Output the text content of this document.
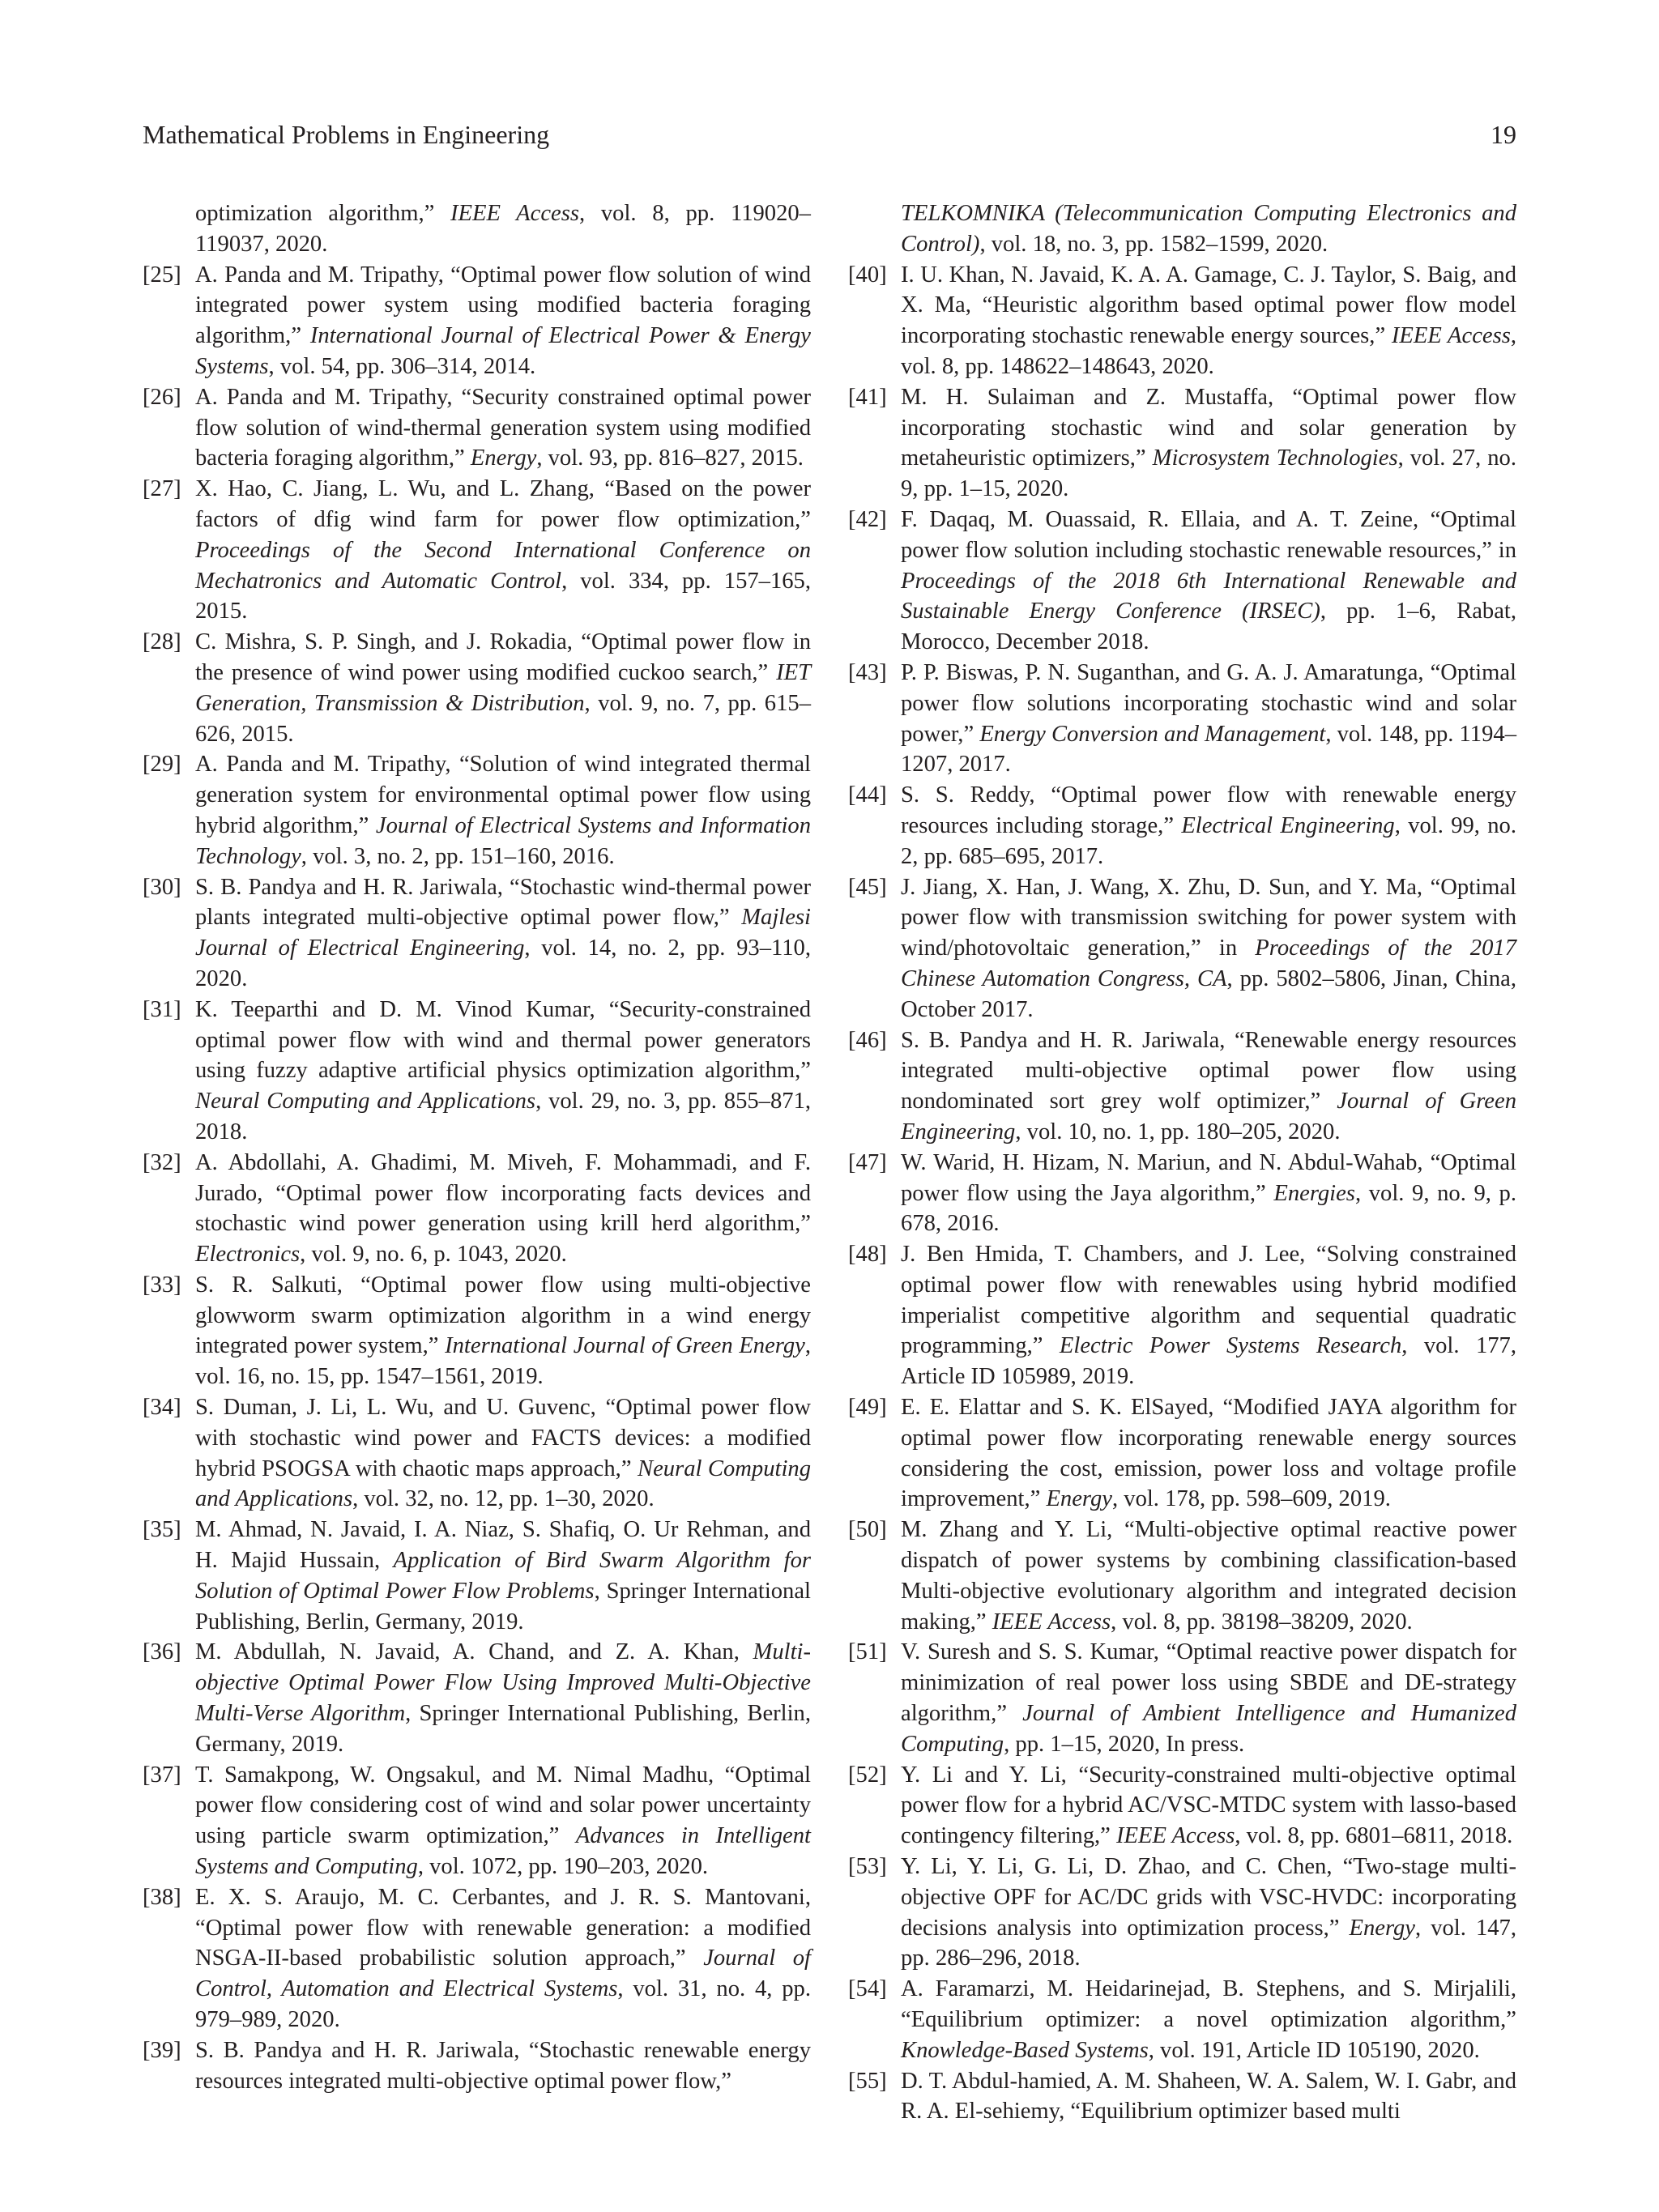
Mathematical Problems in Engineering	19

optimization algorithm,” IEEE Access, vol. 8, pp. 119020–119037, 2020.

[25] A. Panda and M. Tripathy, “Optimal power flow solution of wind integrated power system using modified bacteria foraging algorithm,” International Journal of Electrical Power & Energy Systems, vol. 54, pp. 306–314, 2014.

[26] A. Panda and M. Tripathy, “Security constrained optimal power flow solution of wind-thermal generation system using modified bacteria foraging algorithm,” Energy, vol. 93, pp. 816–827, 2015.

[27] X. Hao, C. Jiang, L. Wu, and L. Zhang, “Based on the power factors of dfig wind farm for power flow optimization,” Proceedings of the Second International Conference on Mechatronics and Automatic Control, vol. 334, pp. 157–165, 2015.

[28] C. Mishra, S. P. Singh, and J. Rokadia, “Optimal power flow in the presence of wind power using modified cuckoo search,” IET Generation, Transmission & Distribution, vol. 9, no. 7, pp. 615–626, 2015.

[29] A. Panda and M. Tripathy, “Solution of wind integrated thermal generation system for environmental optimal power flow using hybrid algorithm,” Journal of Electrical Systems and Information Technology, vol. 3, no. 2, pp. 151–160, 2016.

[30] S. B. Pandya and H. R. Jariwala, “Stochastic wind-thermal power plants integrated multi-objective optimal power flow,” Majlesi Journal of Electrical Engineering, vol. 14, no. 2, pp. 93–110, 2020.

[31] K. Teeparthi and D. M. Vinod Kumar, “Security-constrained optimal power flow with wind and thermal power generators using fuzzy adaptive artificial physics optimization algorithm,” Neural Computing and Applications, vol. 29, no. 3, pp. 855–871, 2018.

[32] A. Abdollahi, A. Ghadimi, M. Miveh, F. Mohammadi, and F. Jurado, “Optimal power flow incorporating facts devices and stochastic wind power generation using krill herd algorithm,” Electronics, vol. 9, no. 6, p. 1043, 2020.

[33] S. R. Salkuti, “Optimal power flow using multi-objective glowworm swarm optimization algorithm in a wind energy integrated power system,” International Journal of Green Energy, vol. 16, no. 15, pp. 1547–1561, 2019.

[34] S. Duman, J. Li, L. Wu, and U. Guvenc, “Optimal power flow with stochastic wind power and FACTS devices: a modified hybrid PSOGSA with chaotic maps approach,” Neural Computing and Applications, vol. 32, no. 12, pp. 1–30, 2020.

[35] M. Ahmad, N. Javaid, I. A. Niaz, S. Shafiq, O. Ur Rehman, and H. Majid Hussain, Application of Bird Swarm Algorithm for Solution of Optimal Power Flow Problems, Springer International Publishing, Berlin, Germany, 2019.

[36] M. Abdullah, N. Javaid, A. Chand, and Z. A. Khan, Multi-objective Optimal Power Flow Using Improved Multi-Objective Multi-Verse Algorithm, Springer International Publishing, Berlin, Germany, 2019.

[37] T. Samakpong, W. Ongsakul, and M. Nimal Madhu, “Optimal power flow considering cost of wind and solar power uncertainty using particle swarm optimization,” Advances in Intelligent Systems and Computing, vol. 1072, pp. 190–203, 2020.

[38] E. X. S. Araujo, M. C. Cerbantes, and J. R. S. Mantovani, “Optimal power flow with renewable generation: a modified NSGA-II-based probabilistic solution approach,” Journal of Control, Automation and Electrical Systems, vol. 31, no. 4, pp. 979–989, 2020.

[39] S. B. Pandya and H. R. Jariwala, “Stochastic renewable energy resources integrated multi-objective optimal power flow,”

TELKOMNIKA (Telecommunication Computing Electronics and Control), vol. 18, no. 3, pp. 1582–1599, 2020.

[40] I. U. Khan, N. Javaid, K. A. A. Gamage, C. J. Taylor, S. Baig, and X. Ma, “Heuristic algorithm based optimal power flow model incorporating stochastic renewable energy sources,” IEEE Access, vol. 8, pp. 148622–148643, 2020.

[41] M. H. Sulaiman and Z. Mustaffa, “Optimal power flow incorporating stochastic wind and solar generation by metaheuristic optimizers,” Microsystem Technologies, vol. 27, no. 9, pp. 1–15, 2020.

[42] F. Daqaq, M. Ouassaid, R. Ellaia, and A. T. Zeine, “Optimal power flow solution including stochastic renewable resources,” in Proceedings of the 2018 6th International Renewable and Sustainable Energy Conference (IRSEC), pp. 1–6, Rabat, Morocco, December 2018.

[43] P. P. Biswas, P. N. Suganthan, and G. A. J. Amaratunga, “Optimal power flow solutions incorporating stochastic wind and solar power,” Energy Conversion and Management, vol. 148, pp. 1194–1207, 2017.

[44] S. S. Reddy, “Optimal power flow with renewable energy resources including storage,” Electrical Engineering, vol. 99, no. 2, pp. 685–695, 2017.

[45] J. Jiang, X. Han, J. Wang, X. Zhu, D. Sun, and Y. Ma, “Optimal power flow with transmission switching for power system with wind/photovoltaic generation,” in Proceedings of the 2017 Chinese Automation Congress, CA, pp. 5802–5806, Jinan, China, October 2017.

[46] S. B. Pandya and H. R. Jariwala, “Renewable energy resources integrated multi-objective optimal power flow using nondominated sort grey wolf optimizer,” Journal of Green Engineering, vol. 10, no. 1, pp. 180–205, 2020.

[47] W. Warid, H. Hizam, N. Mariun, and N. Abdul-Wahab, “Optimal power flow using the Jaya algorithm,” Energies, vol. 9, no. 9, p. 678, 2016.

[48] J. Ben Hmida, T. Chambers, and J. Lee, “Solving constrained optimal power flow with renewables using hybrid modified imperialist competitive algorithm and sequential quadratic programming,” Electric Power Systems Research, vol. 177, Article ID 105989, 2019.

[49] E. E. Elattar and S. K. ElSayed, “Modified JAYA algorithm for optimal power flow incorporating renewable energy sources considering the cost, emission, power loss and voltage profile improvement,” Energy, vol. 178, pp. 598–609, 2019.

[50] M. Zhang and Y. Li, “Multi-objective optimal reactive power dispatch of power systems by combining classification-based Multi-objective evolutionary algorithm and integrated decision making,” IEEE Access, vol. 8, pp. 38198–38209, 2020.

[51] V. Suresh and S. S. Kumar, “Optimal reactive power dispatch for minimization of real power loss using SBDE and DE-strategy algorithm,” Journal of Ambient Intelligence and Humanized Computing, pp. 1–15, 2020, In press.

[52] Y. Li and Y. Li, “Security-constrained multi-objective optimal power flow for a hybrid AC/VSC-MTDC system with lasso-based contingency filtering,” IEEE Access, vol. 8, pp. 6801–6811, 2018.

[53] Y. Li, Y. Li, G. Li, D. Zhao, and C. Chen, “Two-stage multi-objective OPF for AC/DC grids with VSC-HVDC: incorporating decisions analysis into optimization process,” Energy, vol. 147, pp. 286–296, 2018.

[54] A. Faramarzi, M. Heidarinejad, B. Stephens, and S. Mirjalili, “Equilibrium optimizer: a novel optimization algorithm,” Knowledge-Based Systems, vol. 191, Article ID 105190, 2020.

[55] D. T. Abdul-hamied, A. M. Shaheen, W. A. Salem, W. I. Gabr, and R. A. El-sehiemy, “Equilibrium optimizer based multi
